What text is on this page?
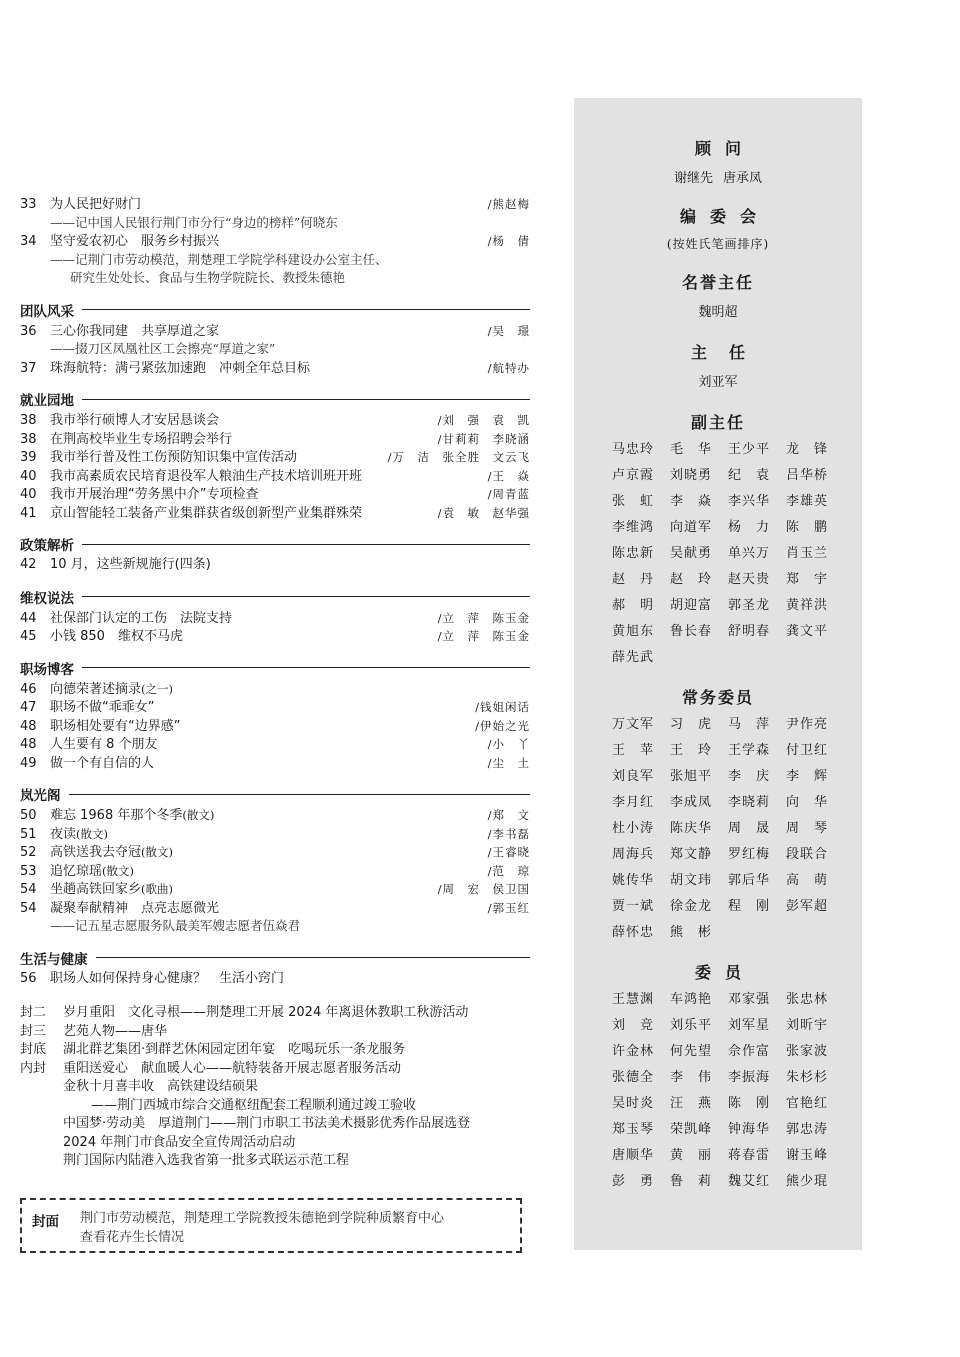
33	为人民把好财门	/熊赵梅
——记中国人民银行荆门市分行“身边的榜样”何晓东
34	坚守爱农初心　服务乡村振兴	/杨　倩
——记荆门市劳动模范，荆楚理工学院学科建设办公室主任、
研究生处处长、食品与生物学院院长、教授朱德艳
团队风采
36	三心你我同建　共享厚道之家	/吴　璟
——掇刀区凤凰社区工会擦亮“厚道之家”
37	珠海航特：满弓紧弦加速跑　冲刺全年总目标	/航特办
就业园地
38	我市举行硕博人才安居恳谈会	/刘　强　袁　凯
38	在荆高校毕业生专场招聘会举行	/甘莉莉　李晓涵
39	我市举行普及性工伤预防知识集中宣传活动	/万　洁　张全胜　文云飞
40	我市高素质农民培育退役军人粮油生产技术培训班开班	/王　焱
40	我市开展治理“劳务黑中介”专项检查	/周青蓝
41	京山智能轻工装备产业集群获省级创新型产业集群殊荣	/袁　敏　赵华强
政策解析
42	10 月，这些新规施行(四条)
维权说法
44	社保部门认定的工伤　法院支持	/立　萍　陈玉金
45	小钱 850　维权不马虎	/立　萍　陈玉金
职场博客
46	向德荣著述摘录(之一)
47	职场不做“乖乖女”	/钱姐闲话
48	职场相处要有“边界感”	/伊始之光
48	人生要有 8 个朋友	/小　丫
49	做一个有自信的人	/尘　土
岚光阁
50	难忘 1968 年那个冬季(散文)	/郑　文
51	夜读(散文)	/李书磊
52	高铁送我去夺冠(散文)	/王睿晓
53	追忆琼瑶(散文)	/范　琼
54	坐趟高铁回家乡(歌曲)	/周　宏　侯卫国
54	凝聚奉献精神　点亮志愿微光	/郭玉红
——记五星志愿服务队最美军嫂志愿者伍焱君
生活与健康
56	职场人如何保持身心健康？　生活小窍门
封二	岁月重阳　文化寻根——荆楚理工开展 2024 年离退休教职工秋游活动
封三	艺苑人物——唐华
封底	湖北群艺集团·到群艺休闲园定团年宴　吃喝玩乐一条龙服务
内封	重阳送爱心　献血暖人心——航特装备开展志愿者服务活动
金秋十月喜丰收　高铁建设结硕果
——荆门西城市综合交通枢纽配套工程顺利通过竣工验收
中国梦·劳动美　厚道荆门——荆门市职工书法美术摄影优秀作品展选登
2024 年荆门市食品安全宣传周活动启动
荆门国际内陆港入选我省第一批多式联运示范工程
封面 荆门市劳动模范，荆楚理工学院教授朱德艳到学院种质繁育中心
查看花卉生长情况
顾问
谢继先 唐承凤
编委会
(按姓氏笔画排序)
名誉主任
魏明超
主任
刘亚军
副主任
马忠玲	毛　华	王少平	龙　锋
卢京霞	刘晓勇	纪　袁	吕华桥
张　虹	李　焱	李兴华	李雄英
李维鸿	向道军	杨　力	陈　鹏
陈忠新	吴献勇	单兴万	肖玉兰
赵　丹	赵　玲	赵天贵	郑　宇
郝　明	胡迎富	郭圣龙	黄祥洪
黄旭东	鲁长春	舒明春	龚文平
薛先武
常务委员
万文军	习　虎	马　萍	尹作亮
王　苹	王　玲	王学森	付卫红
刘良军	张旭平	李　庆	李　辉
李月红	李成凤	李晓莉	向　华
杜小涛	陈庆华	周　晟	周　琴
周海兵	郑文静	罗红梅	段联合
姚传华	胡文玮	郭后华	高　萌
贾一斌	徐金龙	程　刚	彭军超
薛怀忠	熊　彬
委员
王慧渊	车鸿艳	邓家强	张忠林
刘　竞	刘乐平	刘军星	刘昕宇
许金林	何先望	佘作富	张家波
张德全	李　伟	李振海	朱杉杉
吴时炎	汪　燕	陈　刚	官艳红
郑玉琴	荣凯峰	钟海华	郭忠涛
唐顺华	黄　丽	蒋春雷	谢玉峰
彭　勇	鲁　莉	魏艾红	熊少琨
